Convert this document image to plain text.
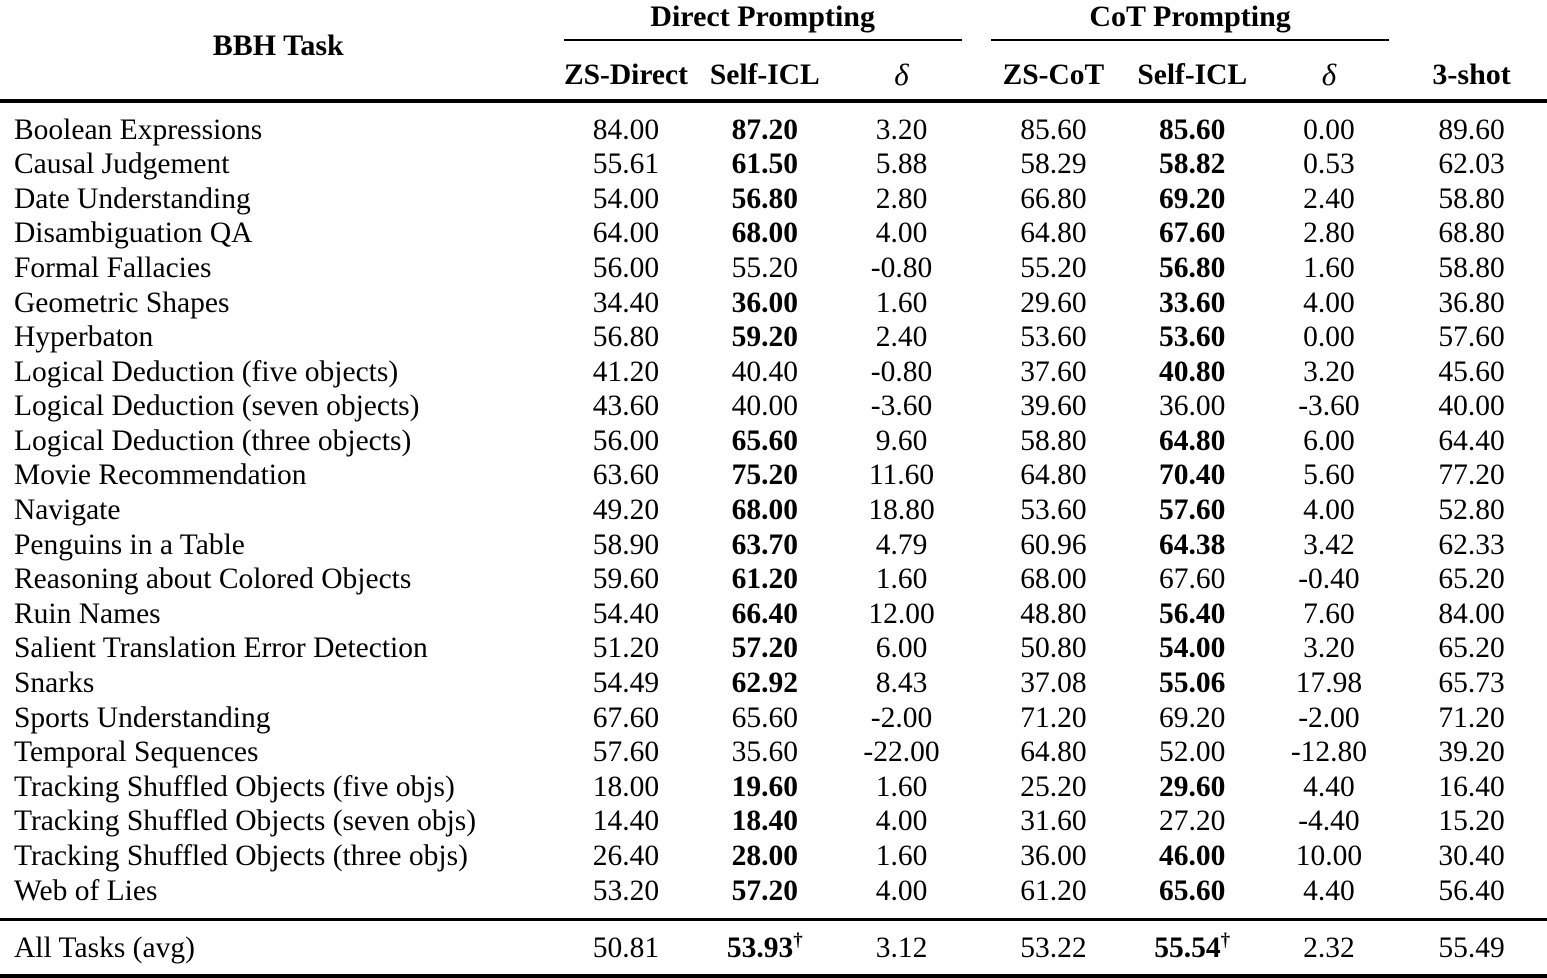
BBH Task	Direct Prompting				CoT Prompting			3-shot

	ZS-Direct	Self-ICL	δ		ZS-CoT	Self-ICL	δ	

Boolean Expressions	84.00	87.20	3.20		85.60	85.60	0.00	89.60
Causal Judgement	55.61	61.50	5.88		58.29	58.82	0.53	62.03
Date Understanding	54.00	56.80	2.80		66.80	69.20	2.40	58.80
Disambiguation QA	64.00	68.00	4.00		64.80	67.60	2.80	68.80
Formal Fallacies	56.00	55.20	-0.80		55.20	56.80	1.60	58.80
Geometric Shapes	34.40	36.00	1.60		29.60	33.60	4.00	36.80
Hyperbaton	56.80	59.20	2.40		53.60	53.60	0.00	57.60
Logical Deduction (five objects)	41.20	40.40	-0.80		37.60	40.80	3.20	45.60
Logical Deduction (seven objects)	43.60	40.00	-3.60		39.60	36.00	-3.60	40.00
Logical Deduction (three objects)	56.00	65.60	9.60		58.80	64.80	6.00	64.40
Movie Recommendation	63.60	75.20	11.60		64.80	70.40	5.60	77.20
Navigate	49.20	68.00	18.80		53.60	57.60	4.00	52.80
Penguins in a Table	58.90	63.70	4.79		60.96	64.38	3.42	62.33
Reasoning about Colored Objects	59.60	61.20	1.60		68.00	67.60	-0.40	65.20
Ruin Names	54.40	66.40	12.00		48.80	56.40	7.60	84.00
Salient Translation Error Detection	51.20	57.20	6.00		50.80	54.00	3.20	65.20
Snarks	54.49	62.92	8.43		37.08	55.06	17.98	65.73
Sports Understanding	67.60	65.60	-2.00		71.20	69.20	-2.00	71.20
Temporal Sequences	57.60	35.60	-22.00		64.80	52.00	-12.80	39.20
Tracking Shuffled Objects (five objs)	18.00	19.60	1.60		25.20	29.60	4.40	16.40
Tracking Shuffled Objects (seven objs)	14.40	18.40	4.00		31.60	27.20	-4.40	15.20
Tracking Shuffled Objects (three objs)	26.40	28.00	1.60		36.00	46.00	10.00	30.40
Web of Lies	53.20	57.20	4.00		61.20	65.60	4.40	56.40

All Tasks (avg)	50.81	53.93†	3.12		53.22	55.54†	2.32	55.49
